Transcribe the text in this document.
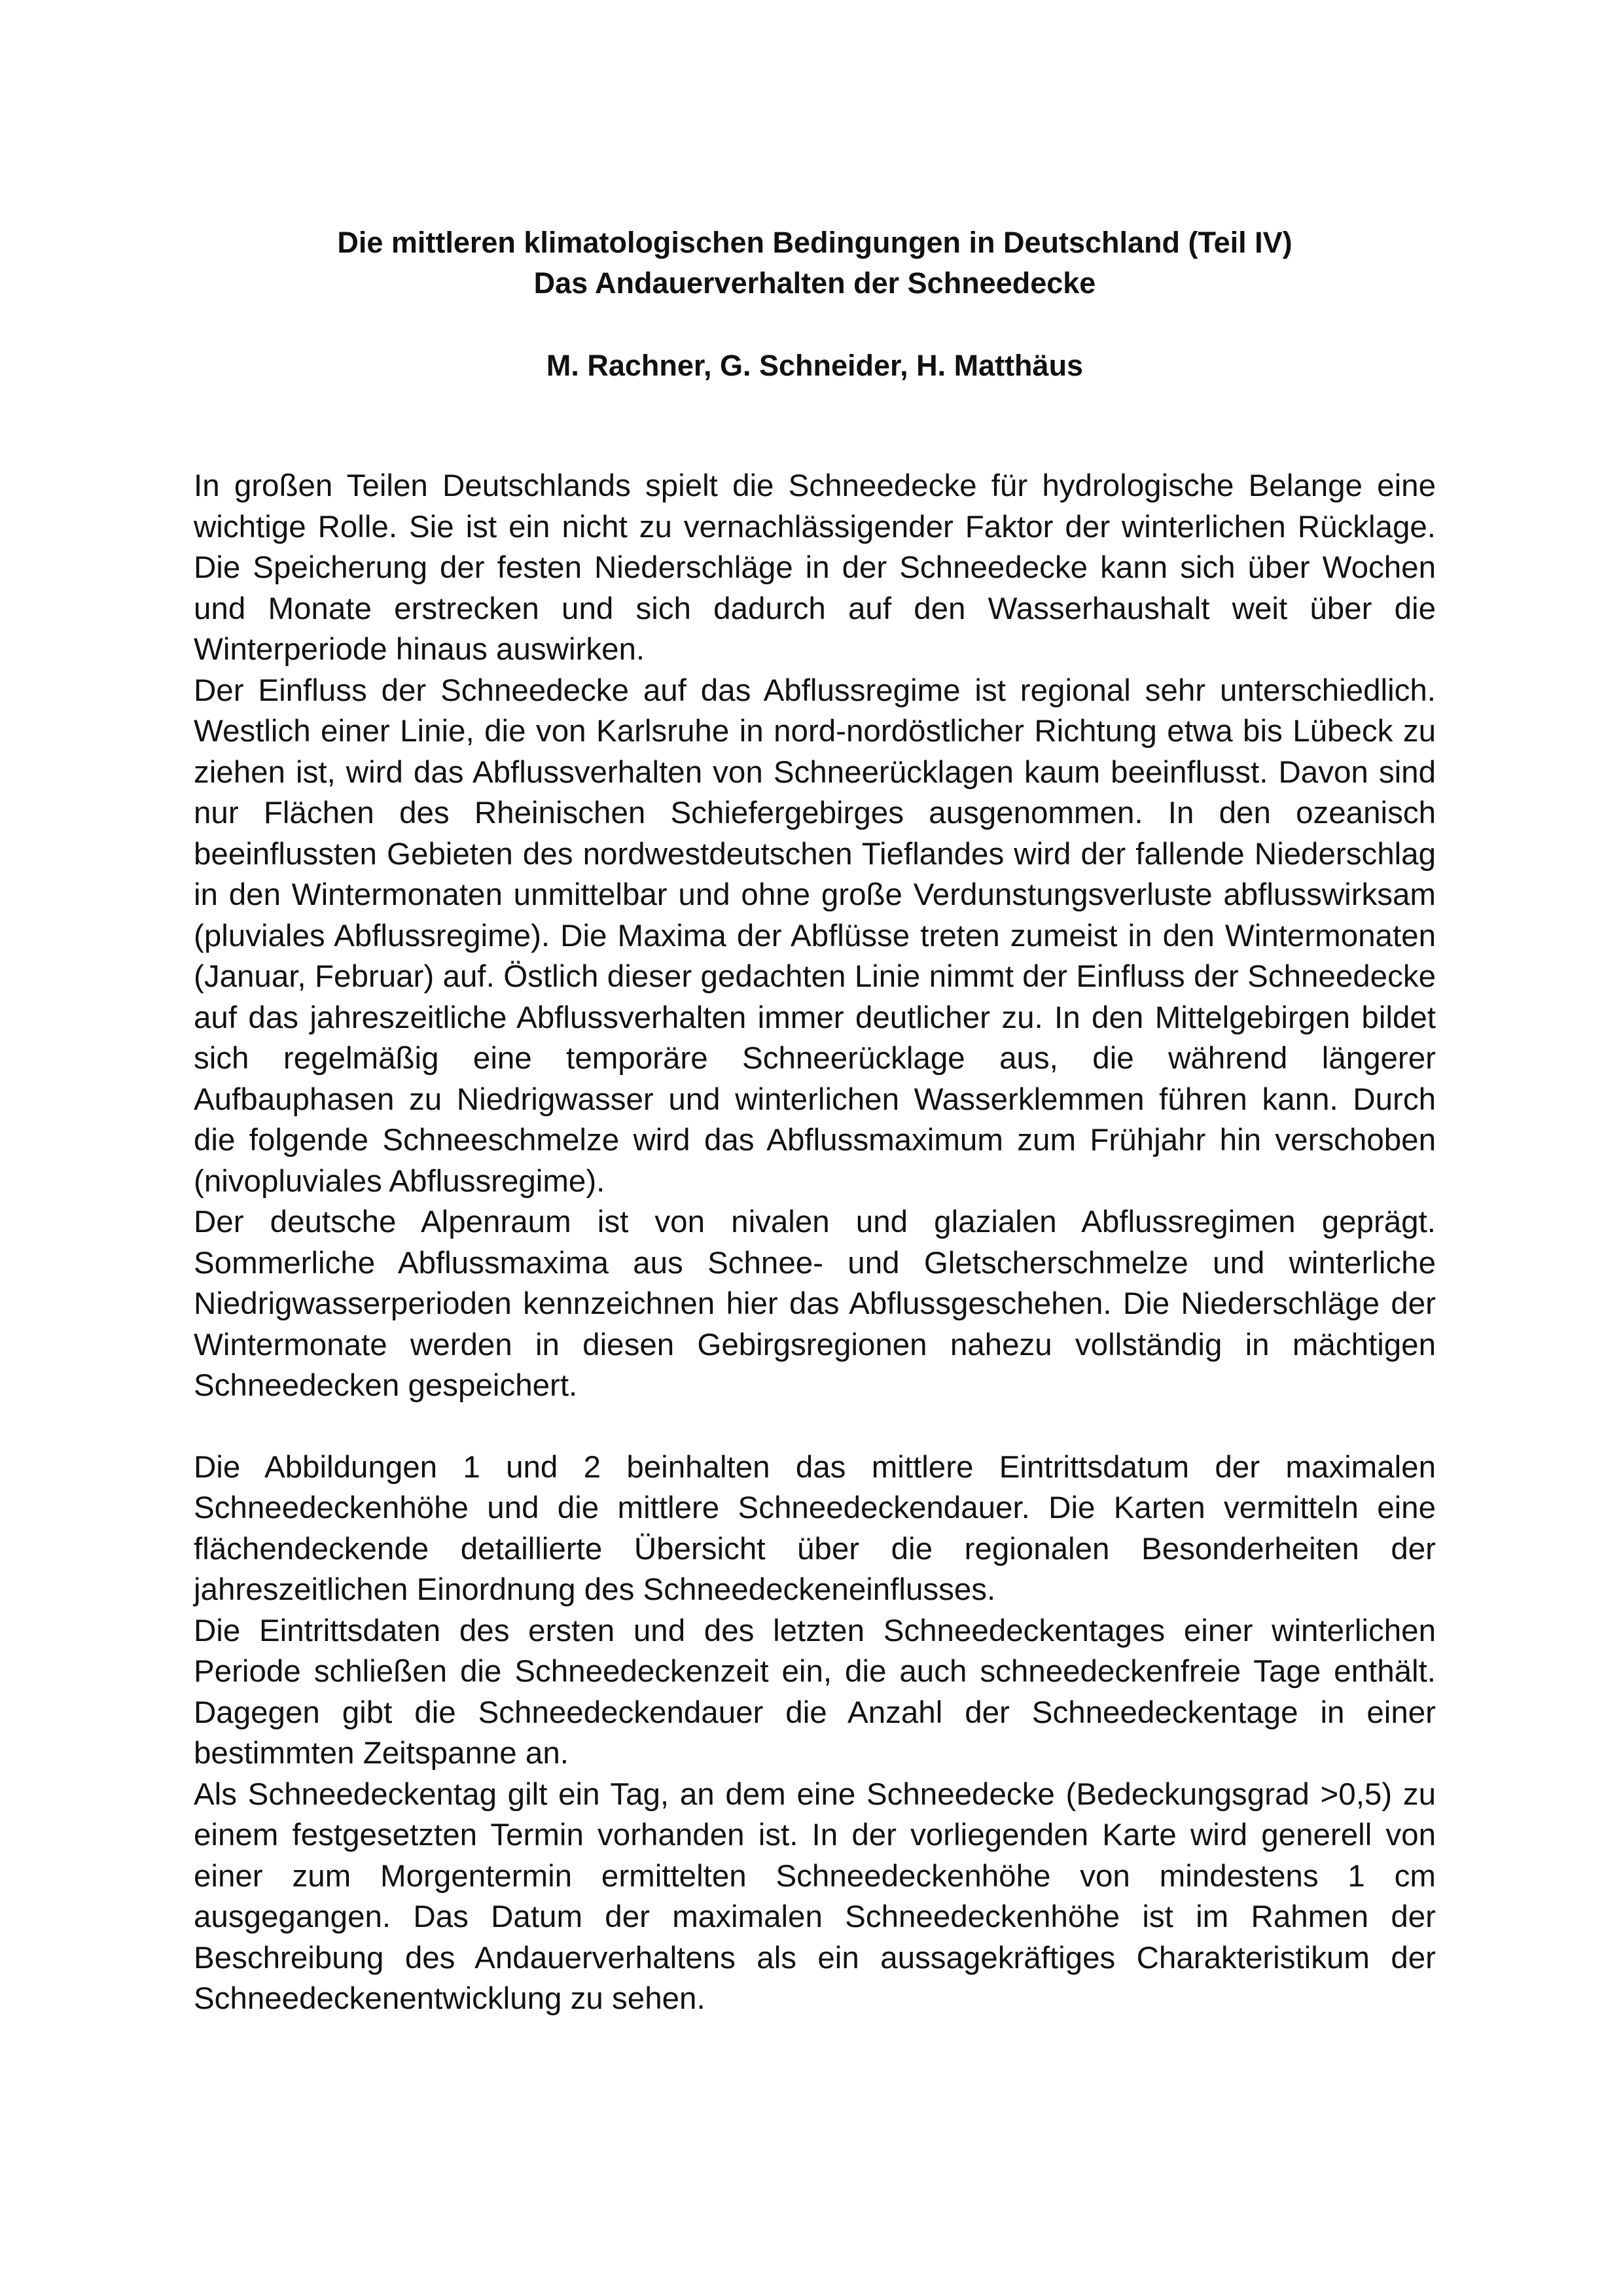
Die mittleren klimatologischen Bedingungen in Deutschland (Teil IV)
Das Andauerverhalten der Schneedecke
M. Rachner, G. Schneider, H. Matthäus

In großen Teilen Deutschlands spielt die Schneedecke für hydrologische Belange eine wichtige Rolle. Sie ist ein nicht zu vernachlässigender Faktor der winterlichen Rücklage. Die Speicherung der festen Niederschläge in der Schneedecke kann sich über Wochen und Monate erstrecken und sich dadurch auf den Wasserhaushalt weit über die Winterperiode hinaus auswirken.

Der Einfluss der Schneedecke auf das Abflussregime ist regional sehr unterschiedlich. Westlich einer Linie, die von Karlsruhe in nord-nordöstlicher Richtung etwa bis Lübeck zu ziehen ist, wird das Abflussverhalten von Schneerücklagen kaum beeinflusst. Davon sind nur Flächen des Rheinischen Schiefergebirges ausgenommen. In den ozeanisch beeinflussten Gebieten des nordwestdeutschen Tieflandes wird der fallende Niederschlag in den Wintermonaten unmittelbar und ohne große Verdunstungsverluste abflusswirksam (pluviales Abflussregime). Die Maxima der Abflüsse treten zumeist in den Wintermonaten (Januar, Februar) auf. Östlich dieser gedachten Linie nimmt der Einfluss der Schneedecke auf das jahreszeitliche Abflussverhalten immer deutlicher zu. In den Mittelgebirgen bildet sich regelmäßig eine temporäre Schneerücklage aus, die während längerer Aufbauphasen zu Niedrigwasser und winterlichen Wasserklemmen führen kann. Durch die folgende Schneeschmelze wird das Abflussmaximum zum Frühjahr hin verschoben (nivopluviales Abflussregime).

Der deutsche Alpenraum ist von nivalen und glazialen Abflussregimen geprägt. Sommerliche Abflussmaxima aus Schnee- und Gletscherschmelze und winterliche Niedrigwasserperioden kennzeichnen hier das Abflussgeschehen. Die Niederschläge der Wintermonate werden in diesen Gebirgsregionen nahezu vollständig in mächtigen Schneedecken gespeichert.

Die Abbildungen 1 und 2 beinhalten das mittlere Eintrittsdatum der maximalen Schneedeckenhöhe und die mittlere Schneedeckendauer. Die Karten vermitteln eine flächendeckende detaillierte Übersicht über die regionalen Besonderheiten der jahreszeitlichen Einordnung des Schneedeckeneinflusses.

Die Eintrittsdaten des ersten und des letzten Schneedeckentages einer winterlichen Periode schließen die Schneedeckenzeit ein, die auch schneedeckenfreie Tage enthält. Dagegen gibt die Schneedeckendauer die Anzahl der Schneedeckentage in einer bestimmten Zeitspanne an.

Als Schneedeckentag gilt ein Tag, an dem eine Schneedecke (Bedeckungsgrad >0,5) zu einem festgesetzten Termin vorhanden ist. In der vorliegenden Karte wird generell von einer zum Morgentermin ermittelten Schneedeckenhöhe von mindestens 1 cm ausgegangen. Das Datum der maximalen Schneedeckenhöhe ist im Rahmen der Beschreibung des Andauerverhaltens als ein aussagekräftiges Charakteristikum der Schneedeckenentwicklung zu sehen.
